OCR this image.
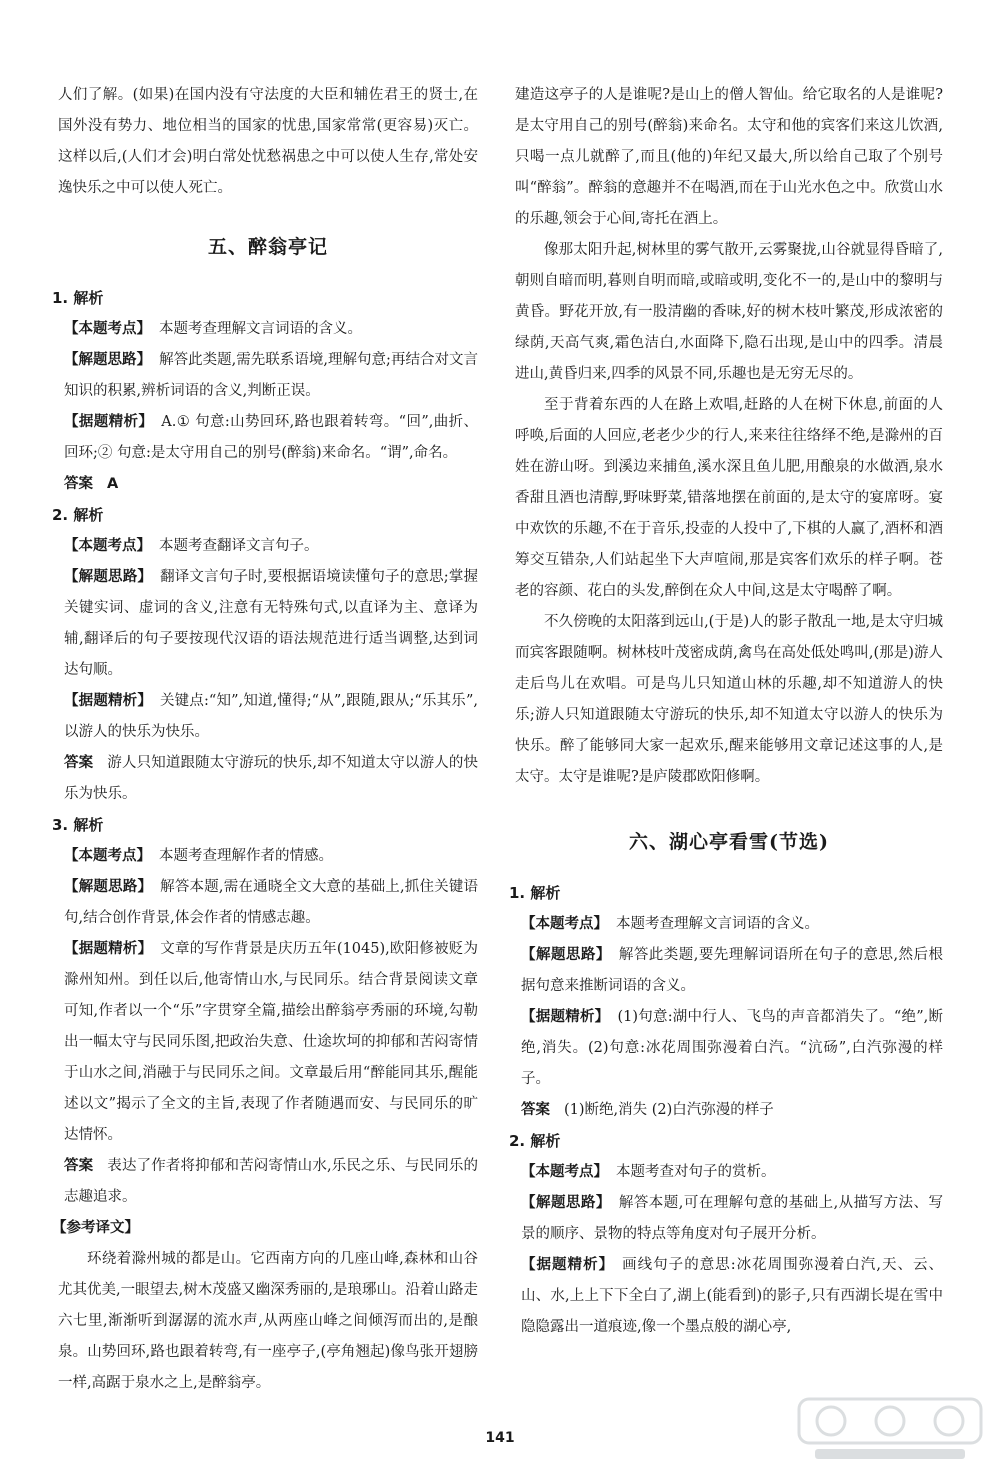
人们了解。(如果)在国内没有守法度的大臣和辅佐君王的贤士,在国外没有势力、地位相当的国家的忧患,国家常常(更容易)灭亡。这样以后,(人们才会)明白常处忧愁祸患之中可以使人生存,常处安逸快乐之中可以使人死亡。

五、醉翁亭记
1. 解析

【本题考点】 本题考查理解文言词语的含义。

【解题思路】 解答此类题,需先联系语境,理解句意;再结合对文言知识的积累,辨析词语的含义,判断正误。

【据题精析】 A.① 句意:山势回环,路也跟着转弯。“回”,曲折、回环;② 句意:是太守用自己的别号(醉翁)来命名。“谓”,命名。

答案 A

2. 解析

【本题考点】 本题考查翻译文言句子。

【解题思路】 翻译文言句子时,要根据语境读懂句子的意思;掌握关键实词、虚词的含义,注意有无特殊句式,以直译为主、意译为辅,翻译后的句子要按现代汉语的语法规范进行适当调整,达到词达句顺。

【据题精析】 关键点:“知”,知道,懂得;“从”,跟随,跟从;“乐其乐”,以游人的快乐为快乐。

答案 游人只知道跟随太守游玩的快乐,却不知道太守以游人的快乐为快乐。

3. 解析

【本题考点】 本题考查理解作者的情感。

【解题思路】 解答本题,需在通晓全文大意的基础上,抓住关键语句,结合创作背景,体会作者的情感志趣。

【据题精析】 文章的写作背景是庆历五年(1045),欧阳修被贬为滁州知州。到任以后,他寄情山水,与民同乐。结合背景阅读文章可知,作者以一个“乐”字贯穿全篇,描绘出醉翁亭秀丽的环境,勾勒出一幅太守与民同乐图,把政治失意、仕途坎坷的抑郁和苦闷寄情于山水之间,消融于与民同乐之间。文章最后用“醉能同其乐,醒能述以文”揭示了全文的主旨,表现了作者随遇而安、与民同乐的旷达情怀。

答案 表达了作者将抑郁和苦闷寄情山水,乐民之乐、与民同乐的志趣追求。

【参考译文】

环绕着滁州城的都是山。它西南方向的几座山峰,森林和山谷尤其优美,一眼望去,树木茂盛又幽深秀丽的,是琅琊山。沿着山路走六七里,渐渐听到潺潺的流水声,从两座山峰之间倾泻而出的,是酿泉。山势回环,路也跟着转弯,有一座亭子,(亭角翘起)像鸟张开翅膀一样,高踞于泉水之上,是醉翁亭。

建造这亭子的人是谁呢?是山上的僧人智仙。给它取名的人是谁呢?是太守用自己的别号(醉翁)来命名。太守和他的宾客们来这儿饮酒,只喝一点儿就醉了,而且(他的)年纪又最大,所以给自己取了个别号叫“醉翁”。醉翁的意趣并不在喝酒,而在于山光水色之中。欣赏山水的乐趣,领会于心间,寄托在酒上。

像那太阳升起,树林里的雾气散开,云雾聚拢,山谷就显得昏暗了,朝则自暗而明,暮则自明而暗,或暗或明,变化不一的,是山中的黎明与黄昏。野花开放,有一股清幽的香味,好的树木枝叶繁茂,形成浓密的绿荫,天高气爽,霜色洁白,水面降下,隐石出现,是山中的四季。清晨进山,黄昏归来,四季的风景不同,乐趣也是无穷无尽的。

至于背着东西的人在路上欢唱,赶路的人在树下休息,前面的人呼唤,后面的人回应,老老少少的行人,来来往往络绎不绝,是滁州的百姓在游山呀。到溪边来捕鱼,溪水深且鱼儿肥,用酿泉的水做酒,泉水香甜且酒也清醇,野味野菜,错落地摆在前面的,是太守的宴席呀。宴中欢饮的乐趣,不在于音乐,投壶的人投中了,下棋的人赢了,酒杯和酒筹交互错杂,人们站起坐下大声喧闹,那是宾客们欢乐的样子啊。苍老的容颜、花白的头发,醉倒在众人中间,这是太守喝醉了啊。

不久傍晚的太阳落到远山,(于是)人的影子散乱一地,是太守归城而宾客跟随啊。树林枝叶茂密成荫,禽鸟在高处低处鸣叫,(那是)游人走后鸟儿在欢唱。可是鸟儿只知道山林的乐趣,却不知道游人的快乐;游人只知道跟随太守游玩的快乐,却不知道太守以游人的快乐为快乐。醉了能够同大家一起欢乐,醒来能够用文章记述这事的人,是太守。太守是谁呢?是庐陵郡欧阳修啊。

六、湖心亭看雪(节选)
1. 解析

【本题考点】 本题考查理解文言词语的含义。

【解题思路】 解答此类题,要先理解词语所在句子的意思,然后根据句意来推断词语的含义。

【据题精析】 (1)句意:湖中行人、飞鸟的声音都消失了。“绝”,断绝,消失。(2)句意:冰花周围弥漫着白汽。“沆砀”,白汽弥漫的样子。

答案 (1)断绝,消失 (2)白汽弥漫的样子

2. 解析

【本题考点】 本题考查对句子的赏析。

【解题思路】 解答本题,可在理解句意的基础上,从描写方法、写景的顺序、景物的特点等角度对句子展开分析。

【据题精析】 画线句子的意思:冰花周围弥漫着白汽,天、云、山、水,上上下下全白了,湖上(能看到)的影子,只有西湖长堤在雪中隐隐露出一道痕迹,像一个墨点般的湖心亭,

141
